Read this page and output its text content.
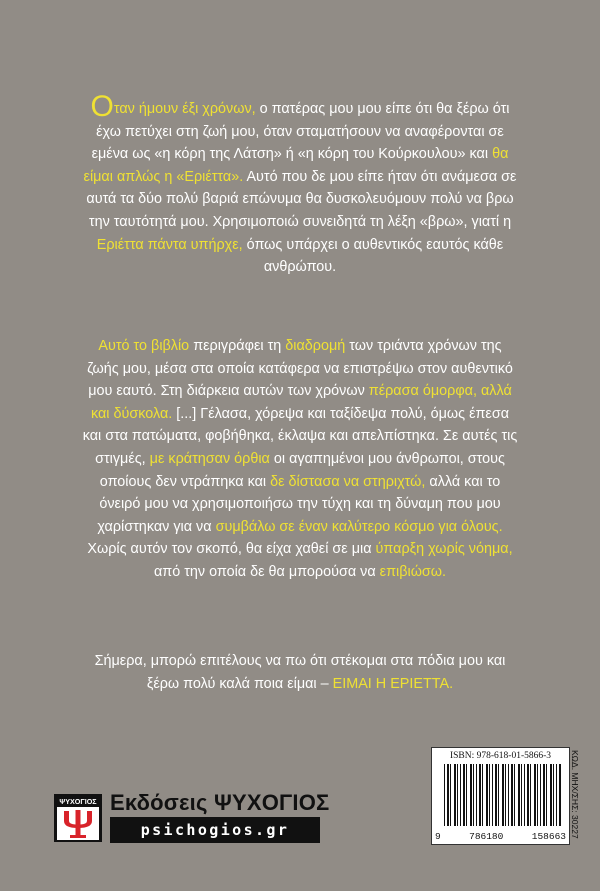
Οταν ήμουν έξι χρόνων, ο πατέρας μου μου είπε ότι θα ξέρω ότι έχω πετύχει στη ζωή μου, όταν σταματήσουν να αναφέρονται σε εμένα ως «η κόρη της Λάτση» ή «η κόρη του Κούρκουλου» και θα είμαι απλώς η «Εριέττα». Αυτό που δε μου είπε ήταν ότι ανάμεσα σε αυτά τα δύο πολύ βαριά επώνυμα θα δυσκολευόμουν πολύ να βρω την ταυτότητά μου. Χρησιμοποιώ συνειδητά τη λέξη «βρω», γιατί η Εριέττα πάντα υπήρχε, όπως υπάρχει ο αυθεντικός εαυτός κάθε ανθρώπου.
Αυτό το βιβλίο περιγράφει τη διαδρομή των τριάντα χρόνων της ζωής μου, μέσα στα οποία κατάφερα να επιστρέψω στον αυθεντικό μου εαυτό. Στη διάρκεια αυτών των χρόνων πέρασα όμορφα, αλλά και δύσκολα. [...] Γέλασα, χόρεψα και ταξίδεψα πολύ, όμως έπεσα και στα πατώματα, φοβήθηκα, έκλαψα και απελπίστηκα. Σε αυτές τις στιγμές, με κράτησαν όρθια οι αγαπημένοι μου άνθρωποι, στους οποίους δεν ντράπηκα και δε δίστασα να στηριχτώ, αλλά και το όνειρό μου να χρησιμοποιήσω την τύχη και τη δύναμη που μου χαρίστηκαν για να συμβάλω σε έναν καλύτερο κόσμο για όλους. Χωρίς αυτόν τον σκοπό, θα είχα χαθεί σε μια ύπαρξη χωρίς νόημα, από την οποία δε θα μπορούσα να επιβιώσω.
Σήμερα, μπορώ επιτέλους να πω ότι στέκομαι στα πόδια μου και ξέρω πολύ καλά ποια είμαι – ΕΙΜΑΙ Η ΕΡΙΕΤΤΑ.
ΨΥΧΟΓΙΟΣ Εκδόσεις ΨΥΧΟΓΙΟΣ
psichogios.gr
ISBN: 978-618-01-5866-3
9	786180	158663 ΚΩΔ. ΜΗΧ/ΣΗΣ: 30227
